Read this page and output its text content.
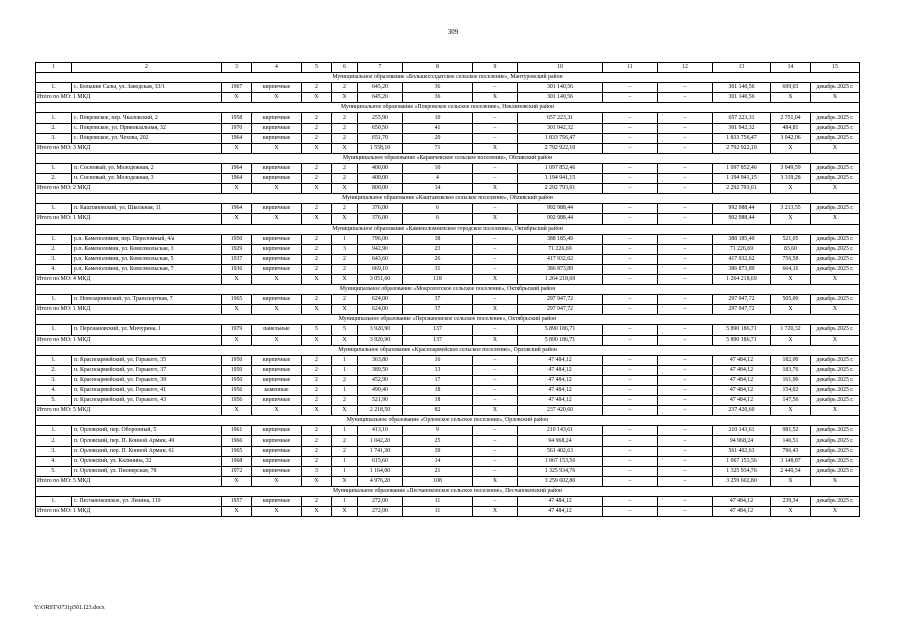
309
1	2	3	4	5	6	7	8	9	10	11	12	13	14	15
Муниципальное образование «Большесолдатское сельское поселение», Мантуровский район														
1.	с. Большие Салы, ул. Заводская, 33/1	1967	кирпичные	2	2	645,20	36	–	301 140,56	–	–	301 140,56	699,03	декабрь 2025 г.
Итого по МО: 1 МКД		X	X	X	X	645,20	36	X	301 140,56	–	–	301 140,56	X	X
Муниципальное образование «Покровское сельское поселение», Неклиновский район														
1.	с. Покровское, пер. Чкаловский, 2	1958	кирпичные	2	2	255,90	10	–	657 223,31	–	–	657 223,31	2 751,04	декабрь 2025 г.
2.	с. Покровское, ул. Привокзальная, 32	1970	кирпичные	2	2	650,50	41	–	301 942,32	–	–	301 942,32	484,81	декабрь 2025 г.
3.	с. Покровское, ул. Чехова, 202	1964	кирпичные	2	2	651,70	20	–	1 833 756,47	–	–	1 833 756,47	3 042,06	декабрь 2025 г.
Итого по МО: 3 МКД		X	X	X	X	1 558,10	71	X	2 792 922,10	–	–	2 792 922,10	X	X
Муниципальное образование «Караичевское сельское поселение», Обливский район														
1.	п. Сосновый, ул. Молодежная, 2	1964	кирпичные	2	2	400,00	10	–	1 097 852,46	–	–	1 097 852,46	3 049,59	декабрь 2025 г.
2.	п. Сосновый, ул. Молодежная, 3	1964	кирпичные	2	2	400,00	4	–	1 194 941,15	–	–	1 194 941,15	3 319,28	декабрь 2025 г.
Итого по МО: 2 МКД		X	X	X	X	800,00	14	X	2 292 793,61	–	–	2 292 793,61	X	X
Муниципальное образование «Каштановское сельское поселение», Обливский район														
1.	п. Каштановский, ул. Школьная, 11	1964	кирпичные	2	2	376,00	6	–	992 988,44	–	–	992 988,44	3 213,55	декабрь 2025 г.
Итого по МО: 1 МКД		X	X	X	X	376,00	6	X	992 988,44	–	–	992 988,44	X	X
Муниципальное образование «Каменоломненское городское поселение», Октябрьский район														
1.	р.п. Каменоломни, пер. Переломный, 4/а	1950	кирпичные	2	1	796,00	38	–	388 185,49	–	–	388 185,49	521,05	декабрь 2025 г.
2.	р.п. Каменоломни, ул. Комсомольская, 3	1929	кирпичные	2	3	942,90	23	–	71 226,69	–	–	71 226,69	83,60	декабрь 2025 г.
3.	р.п. Каменоломни, ул. Комсомольская, 5	1937	кирпичные	2	2	643,60	26	–	417 932,62	–	–	417 932,62	756,58	декабрь 2025 г.
4.	р.п. Каменоломни, ул. Комсомольская, 7	1936	кирпичные	2	2	669,10	31	–	386 873,89	–	–	386 873,89	664,16	декабрь 2025 г.
Итого по МО: 4 МКД		X	X	X	X	3 051,60	118	X	1 264 218,69	–	–	1 264 218,69	X	X
Муниципальное образование «Мокрологское сельское поселение», Октябрьский район														
1.	п. Новозарнинский, ул. Транспортная, 7	1965	кирпичные	2	2	624,00	37	–	297 947,72	–	–	297 947,72	505,00	декабрь 2025 г.
Итого по МО: 1 МКД		X	X	X	X	624,00	37	X	297 947,72	–	–	297 947,72	X	X
Муниципальное образование «Персиановское сельское поселение», Октябрьский район														
1.	п. Персиановский, ул. Мичурина, 1	1979	панельные	5	5	3 920,90	137	–	5 890 186,71	–	–	5 890 186,71	1 720,32	декабрь 2025 г.
Итого по МО: 1 МКД		X	X	X	X	3 920,90	137	X	5 890 186,71	–	–	5 890 186,71	X	X
Муниципальное образование «Красноармейское сельское поселение», Орловский район														
1.	п. Красноармейский, ул. Горького, 35	1950	кирпичные	2	1	363,80	16	–	47 484,12	–	–	47 484,12	182,00	декабрь 2025 г.
2.	п. Красноармейский, ул. Горького, 37	1950	кирпичные	2	1	389,50	13	–	47 484,12	–	–	47 484,12	183,76	декабрь 2025 г.
3.	п. Красноармейский, ул. Горького, 39	1950	кирпичные	2	2	452,90	17	–	47 484,12	–	–	47 484,12	161,90	декабрь 2025 г.
4.	п. Красноармейский, ул. Горького, 41	1956	каменные	2	1	490,40	18	–	47 484,12	–	–	47 484,12	154,02	декабрь 2025 г.
5.	п. Красноармейский, ул. Горького, 43	1956	кирпичные	2	2	521,90	18	–	47 484,12	–	–	47 484,12	147,56	декабрь 2025 г.
Итого по МО: 5 МКД		X	X	X	X	2 218,50	82	X	237 420,60	–	–	237 420,60	X	X
Муниципальное образование «Орловское сельское поселение», Орловский район														
1.	п. Орловский, пер. Оборонный, 5	1961	кирпичные	2	1	413,10	9	–	210 143,61	–	–	210 143,61	981,52	декабрь 2025 г.
2.	п. Орловский, пер. П. Конной Армии, 49	1966	кирпичные	2	2	1 042,20	25	–	94 968,24	–	–	94 968,24	146,51	декабрь 2025 г.
3.	п. Орловский, пер. П. Конной Армии, 61	1965	кирпичные	2	2	1 741,30	39	–	561 402,63	–	–	561 402,63	796,43	декабрь 2025 г.
4.	п. Орловский, ул. Калинина, 32	1968	кирпичные	2	1	615,60	14	–	1 067 153,56	–	–	1 067 153,56	3 148,87	декабрь 2025 г.
5.	п. Орловский, ул. Пионерская, 78	1972	кирпичные	3	1	1 164,00	21	–	1 325 934,76	–	–	1 325 934,76	2 449,54	декабрь 2025 г.
Итого по МО: 5 МКД		X	X	X	X	4 976,20	108	X	3 259 602,80	–	–	3 259 602,80	X	X
Муниципальное образование «Песчанокопское сельское поселение», Песчанокопский район														
1.	с. Песчанокопское, ул. Ленина, 119	1957	кирпичные	2	1	272,00	11	–	47 484,12	–	–	47 484,12	239,34	декабрь 2025 г.
Итого по МО: 1 МКД		X	X	X	X	272,00	11	X	47 484,12	–	–	47 484,12	X	X
Y:\ORST\0731p561.f23.docx
